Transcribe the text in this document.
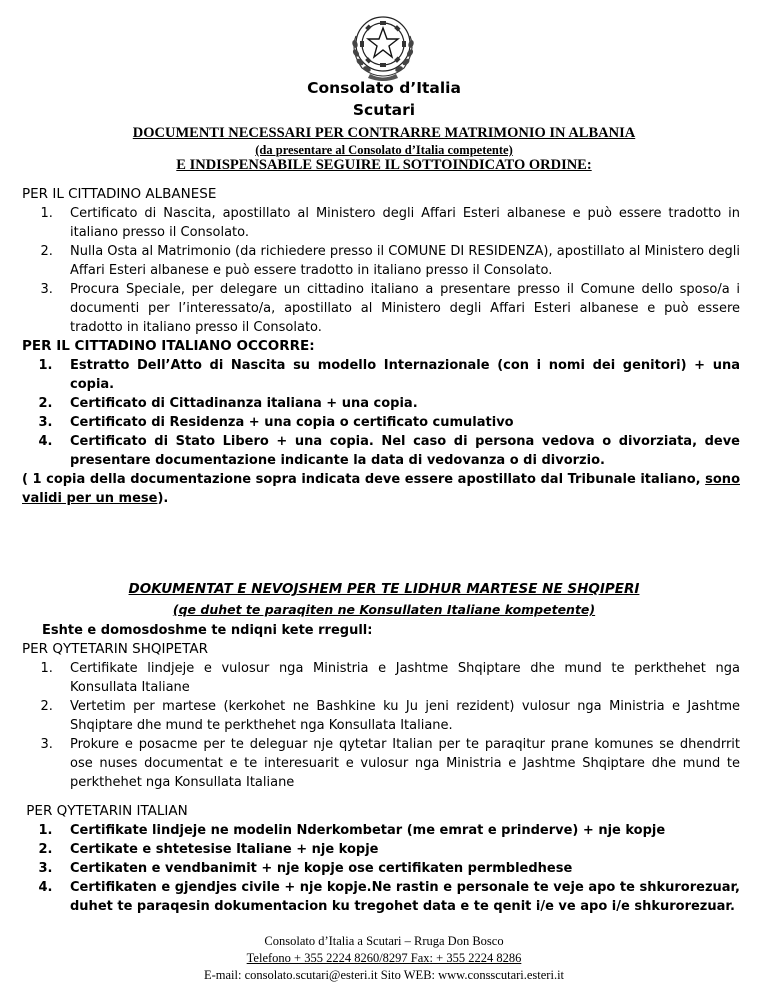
Consolato d’Italia
Scutari
DOCUMENTI NECESSARI PER CONTRARRE MATRIMONIO IN ALBANIA
(da presentare al Consolato d’Italia competente)
E INDISPENSABILE SEGUIRE IL SOTTOINDICATO ORDINE:
PER IL CITTADINO ALBANESE
1. Certificato di Nascita, apostillato al Ministero degli Affari Esteri albanese e può essere tradotto in italiano presso il Consolato.
2. Nulla Osta al Matrimonio (da richiedere presso il COMUNE DI RESIDENZA), apostillato al Ministero degli Affari Esteri albanese e può essere tradotto in italiano presso il Consolato.
3. Procura Speciale, per delegare un cittadino italiano a presentare presso il Comune dello sposo/a i documenti per l’interessato/a, apostillato al Ministero degli Affari Esteri albanese e può essere tradotto in italiano presso il Consolato.
PER IL CITTADINO ITALIANO OCCORRE:
1. Estratto Dell’Atto di Nascita su modello Internazionale (con i nomi dei genitori) + una copia.
2. Certificato di Cittadinanza italiana + una copia.
3. Certificato di Residenza + una copia o certificato cumulativo
4. Certificato di Stato Libero + una copia. Nel caso di persona vedova o divorziata, deve presentare documentazione indicante la data di vedovanza o di divorzio.
( 1 copia della documentazione sopra indicata deve essere apostillato dal Tribunale italiano, sono validi per un mese).
DOKUMENTAT E NEVOJSHEM PER TE LIDHUR MARTESE NE SHQIPERI
(qe duhet te paraqiten ne Konsullaten Italiane kompetente)
Eshte e domosdoshme te ndiqni kete rregull:
PER QYTETARIN SHQIPETAR
1. Certifikate lindjeje e vulosur nga Ministria e Jashtme Shqiptare dhe mund te perkthehet nga Konsullata Italiane
2. Vertetim per martese (kerkohet ne Bashkine ku Ju jeni rezident) vulosur nga Ministria e Jashtme Shqiptare dhe mund te perkthehet nga Konsullata Italiane.
3. Prokure e posacme per te deleguar nje qytetar Italian per te paraqitur prane komunes se dhendrrit ose nuses documentat e te interesuarit e vulosur nga Ministria e Jashtme Shqiptare dhe mund te perkthehet nga Konsullata Italiane
PER QYTETARIN ITALIAN
1. Certifikate lindjeje ne modelin Nderkombetar (me emrat e prinderve) + nje kopje
2. Certikate e shtetesise Italiane + nje kopje
3. Certikaten e vendbanimit + nje kopje ose certifikaten permbledhese
4. Certifikaten e gjendjes civile + nje kopje.Ne rastin e personale te veje apo te shkurorezuar, duhet te paraqesin dokumentacion ku tregohet data e te qenit i/e ve apo i/e shkurorezuar.
Consolato d’Italia a Scutari – Rruga Don Bosco
Telefono + 355 2224 8260/8297 Fax: + 355 2224 8286
E-mail: consolato.scutari@esteri.it Sito WEB: www.consscutari.esteri.it
